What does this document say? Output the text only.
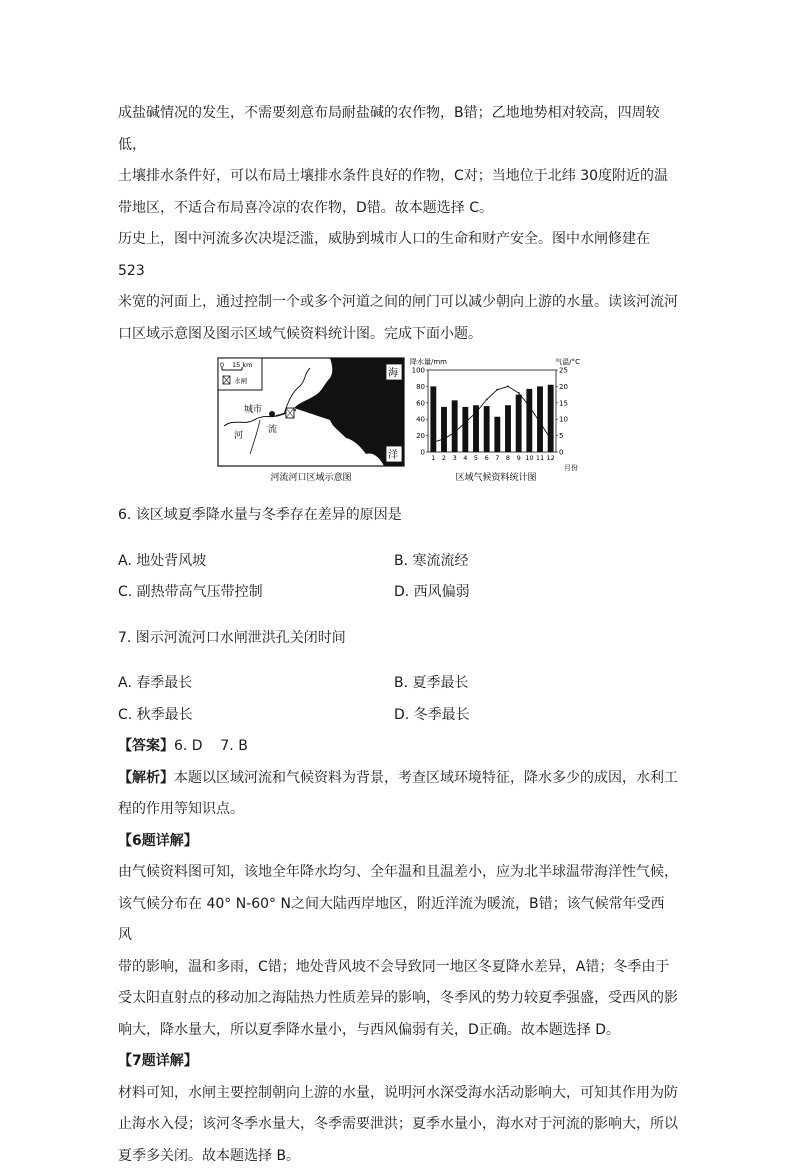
成盐碱情况的发生，不需要刻意布局耐盐碱的农作物，B错；乙地地势相对较高，四周较低，

土壤排水条件好，可以布局土壤排水条件良好的作物，C对；当地位于北纬 30度附近的温

带地区，不适合布局喜冷凉的农作物，D错。故本题选择 C。

历史上，图中河流多次决堤泛滥，威胁到城市人口的生命和财产安全。图中水闸修建在 523

米宽的河面上，通过控制一个或多个河道之间的闸门可以减少朝向上游的水量。读该河流河

口区域示意图及图示区域气候资料统计图。完成下面小题。

0 15 km
水闸
海
洋
城市
河
流
河流河口区域示意图
降水量/mm	气温/°C
月份
区域气候资料统计图
0
20
40
60
80
100
0
5
10
15
20
25
1 2 3 4 5 6 7 8 9 10 11 12

6. 该区域夏季降水量与冬季存在差异的原因是

A. 地处背风坡	B. 寒流流经
C. 副热带高气压带控制	D. 西风偏弱

7. 图示河流河口水闸泄洪孔关闭时间

A. 春季最长	B. 夏季最长
C. 秋季最长	D. 冬季最长

【答案】6. D    7. B

【解析】本题以区域河流和气候资料为背景，考查区域环境特征，降水多少的成因，水利工

程的作用等知识点。

【6题详解】

由气候资料图可知，该地全年降水均匀、全年温和且温差小，应为北半球温带海洋性气候，

该气候分布在 40° N-60° N之间大陆西岸地区，附近洋流为暖流，B错；该气候常年受西风

带的影响，温和多雨，C错；地处背风坡不会导致同一地区冬夏降水差异，A错；冬季由于

受太阳直射点的移动加之海陆热力性质差异的影响，冬季风的势力较夏季强盛，受西风的影

响大，降水量大，所以夏季降水量小，与西风偏弱有关，D正确。故本题选择 D。

【7题详解】

材料可知，水闸主要控制朝向上游的水量，说明河水深受海水活动影响大，可知其作用为防

止海水入侵；该河冬季水量大，冬季需要泄洪；夏季水量小，海水对于河流的影响大，所以

夏季多关闭。故本题选择 B。
